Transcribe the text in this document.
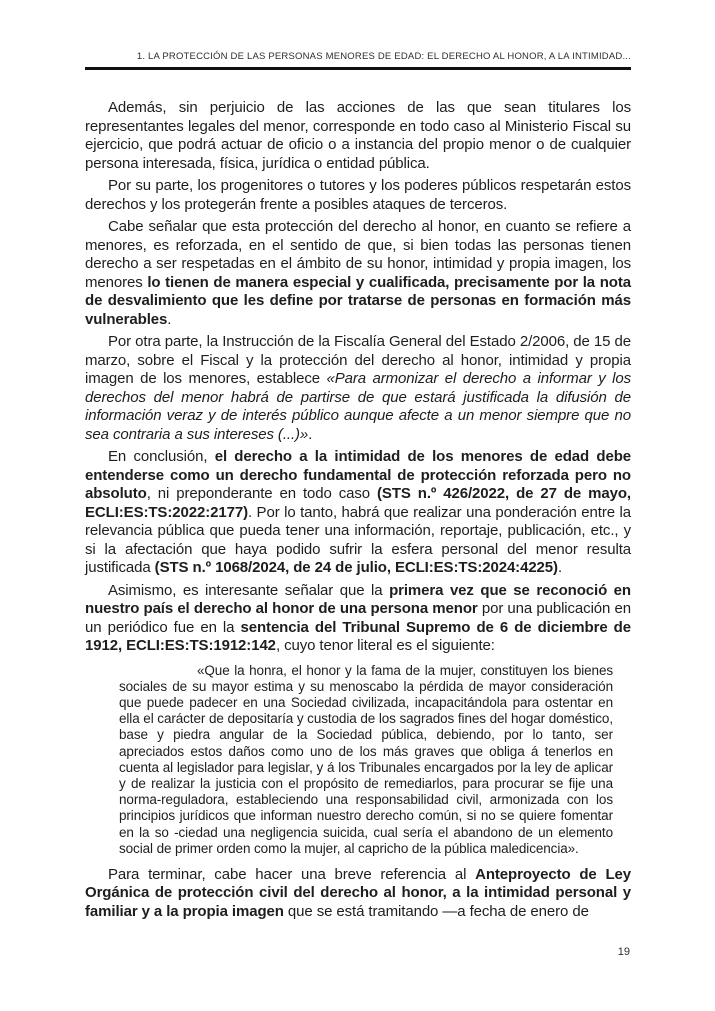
1. LA PROTECCIÓN DE LAS PERSONAS MENORES DE EDAD: EL DERECHO AL HONOR, A LA INTIMIDAD...

Además, sin perjuicio de las acciones de las que sean titulares los representantes legales del menor, corresponde en todo caso al Ministerio Fiscal su ejercicio, que podrá actuar de oficio o a instancia del propio menor o de cualquier persona interesada, física, jurídica o entidad pública.

Por su parte, los progenitores o tutores y los poderes públicos respetarán estos derechos y los protegerán frente a posibles ataques de terceros.

Cabe señalar que esta protección del derecho al honor, en cuanto se refiere a menores, es reforzada, en el sentido de que, si bien todas las personas tienen derecho a ser respetadas en el ámbito de su honor, intimidad y propia imagen, los menores lo tienen de manera especial y cualificada, precisamente por la nota de desvalimiento que les define por tratarse de personas en formación más vulnerables.

Por otra parte, la Instrucción de la Fiscalía General del Estado 2/2006, de 15 de marzo, sobre el Fiscal y la protección del derecho al honor, intimidad y propia imagen de los menores, establece «Para armonizar el derecho a informar y los derechos del menor habrá de partirse de que estará justificada la difusión de información veraz y de interés público aunque afecte a un menor siempre que no sea contraria a sus intereses (...)».

En conclusión, el derecho a la intimidad de los menores de edad debe entenderse como un derecho fundamental de protección reforzada pero no absoluto, ni preponderante en todo caso (STS n.º 426/2022, de 27 de mayo, ECLI:ES:TS:2022:2177). Por lo tanto, habrá que realizar una ponderación entre la relevancia pública que pueda tener una información, reportaje, publicación, etc., y si la afectación que haya podido sufrir la esfera personal del menor resulta justificada (STS n.º 1068/2024, de 24 de julio, ECLI:ES:TS:2024:4225).

Asimismo, es interesante señalar que la primera vez que se reconoció en nuestro país el derecho al honor de una persona menor por una publicación en un periódico fue en la sentencia del Tribunal Supremo de 6 de diciembre de 1912, ECLI:ES:TS:1912:142, cuyo tenor literal es el siguiente:

«Que la honra, el honor y la fama de la mujer, constituyen los bienes sociales de su mayor estima y su menoscabo la pérdida de mayor consideración que puede padecer en una Sociedad civilizada, incapacitándola para ostentar en ella el carácter de depositaría y custodia de los sagrados fines del hogar doméstico, base y piedra angular de la Sociedad pública, debiendo, por lo tanto, ser apreciados estos daños como uno de los más graves que obliga á tenerlos en cuenta al legislador para legislar, y á los Tribunales encargados por la ley de aplicar y de realizar la justicia con el propósito de remediarlos, para procurar se fije una norma-reguladora, estableciendo una responsabilidad civil, armonizada con los principios jurídicos que informan nuestro derecho común, si no se quiere fomentar en la so -ciedad una negligencia suicida, cual sería el abandono de un elemento social de primer orden como la mujer, al capricho de la pública maledicencia».

Para terminar, cabe hacer una breve referencia al Anteproyecto de Ley Orgánica de protección civil del derecho al honor, a la intimidad personal y familiar y a la propia imagen que se está tramitando —a fecha de enero de

19
